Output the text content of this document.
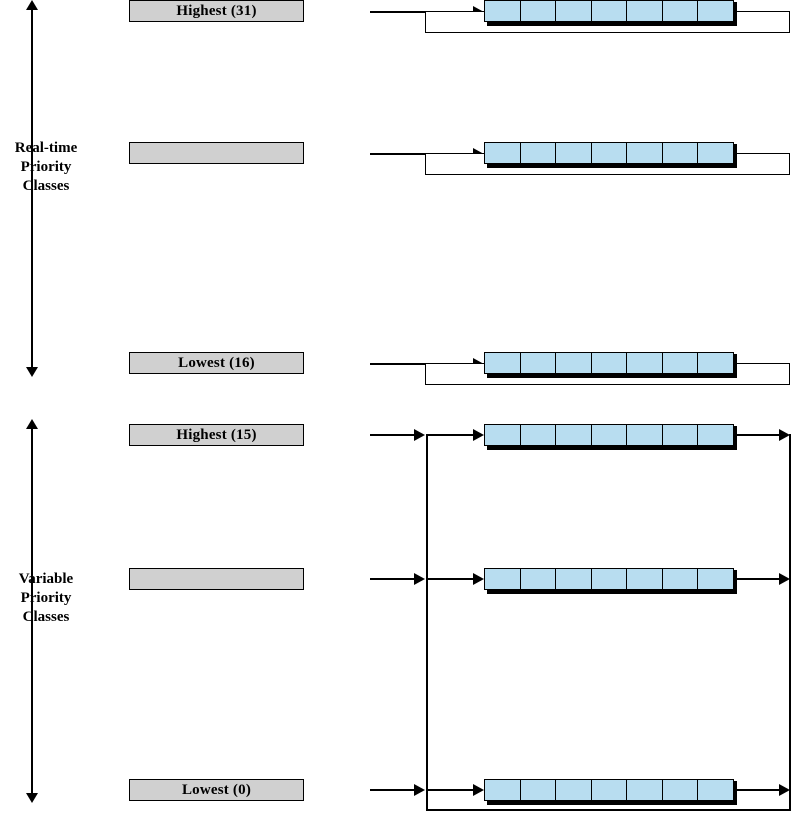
Real-time
Priority
Classes
Highest (31)
Lowest (16)
Variable
Priority
Classes
Highest (15)
Lowest (0)
